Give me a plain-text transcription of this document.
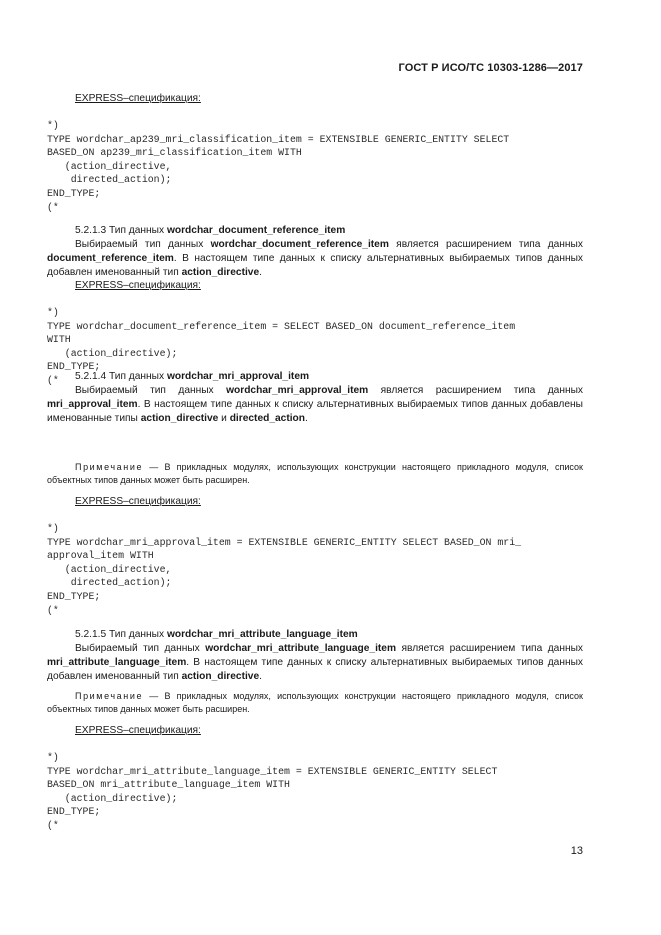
ГОСТ Р ИСО/ТС 10303-1286—2017
EXPRESS–спецификация:
*)
TYPE wordchar_ap239_mri_classification_item = EXTENSIBLE GENERIC_ENTITY SELECT
BASED_ON ap239_mri_classification_item WITH
(action_directive,
directed_action);
END_TYPE;
(*
5.2.1.3 Тип данных wordchar_document_reference_item
Выбираемый тип данных wordchar_document_reference_item является расширением типа данных document_reference_item. В настоящем типе данных к списку альтернативных выбираемых типов данных добавлен именованный тип action_directive.
EXPRESS–спецификация:
*)
TYPE wordchar_document_reference_item = SELECT BASED_ON document_reference_item
WITH
(action_directive);
END_TYPE;
(*	5.2.1.4 Тип данных wordchar_mri_approval_item
Выбираемый тип данных wordchar_mri_approval_item является расширением типа данных mri_approval_item. В настоящем типе данных к списку альтернативных выбираемых типов данных добавлены именованные типы action_directive и directed_action.
Примечание — В прикладных модулях, использующих конструкции настоящего прикладного модуля, список объектных типов данных может быть расширен.
EXPRESS–спецификация:
*)
TYPE wordchar_mri_approval_item = EXTENSIBLE GENERIC_ENTITY SELECT BASED_ON mri_
approval_item WITH
(action_directive,
directed_action);
END_TYPE;
(*
5.2.1.5 Тип данных wordchar_mri_attribute_language_item
Выбираемый тип данных wordchar_mri_attribute_language_item является расширением типа данных mri_attribute_language_item. В настоящем типе данных к списку альтернативных выбираемых типов данных добавлен именованный тип action_directive.
Примечание — В прикладных модулях, использующих конструкции настоящего прикладного модуля, список объектных типов данных может быть расширен.
EXPRESS–спецификация:
*)
TYPE wordchar_mri_attribute_language_item = EXTENSIBLE GENERIC_ENTITY SELECT
BASED_ON mri_attribute_language_item WITH
(action_directive);
END_TYPE;
(*
13
